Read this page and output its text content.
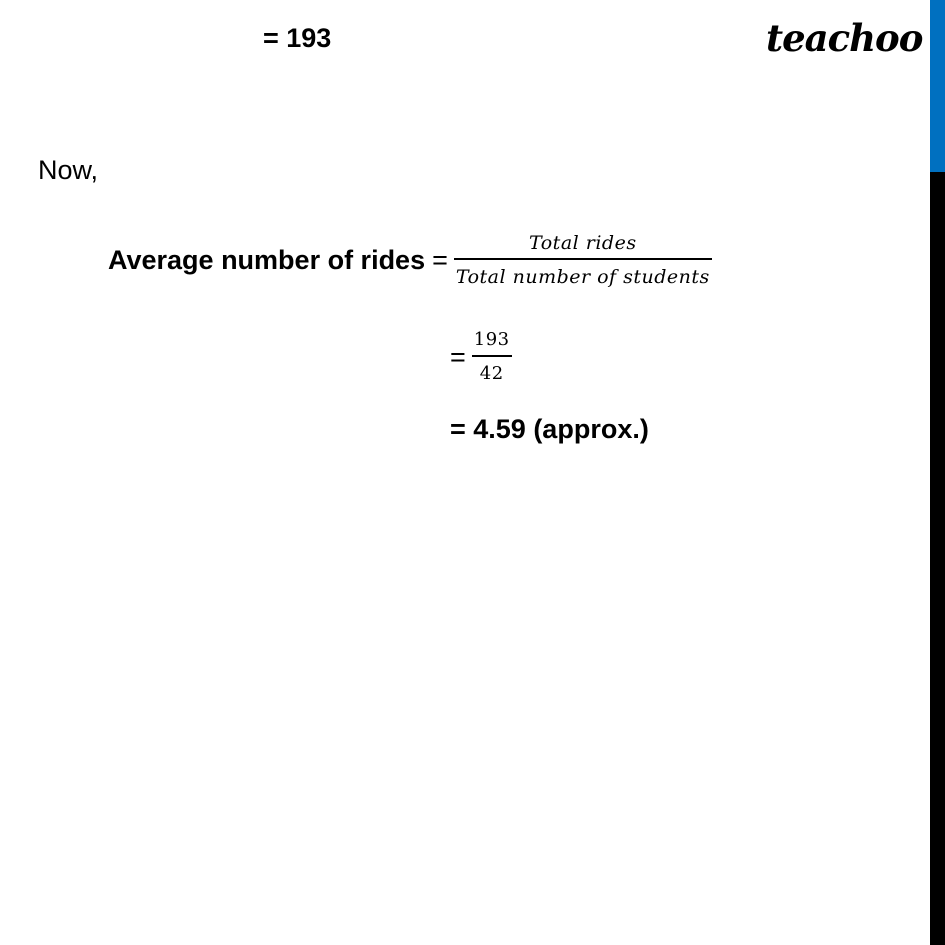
= 193	teachoo
Now,
Average number of rides = $\frac{\text{Total rides}}{\text{Total number of students}}$
= $\frac{193}{42}$
= 4.59 (approx.)
